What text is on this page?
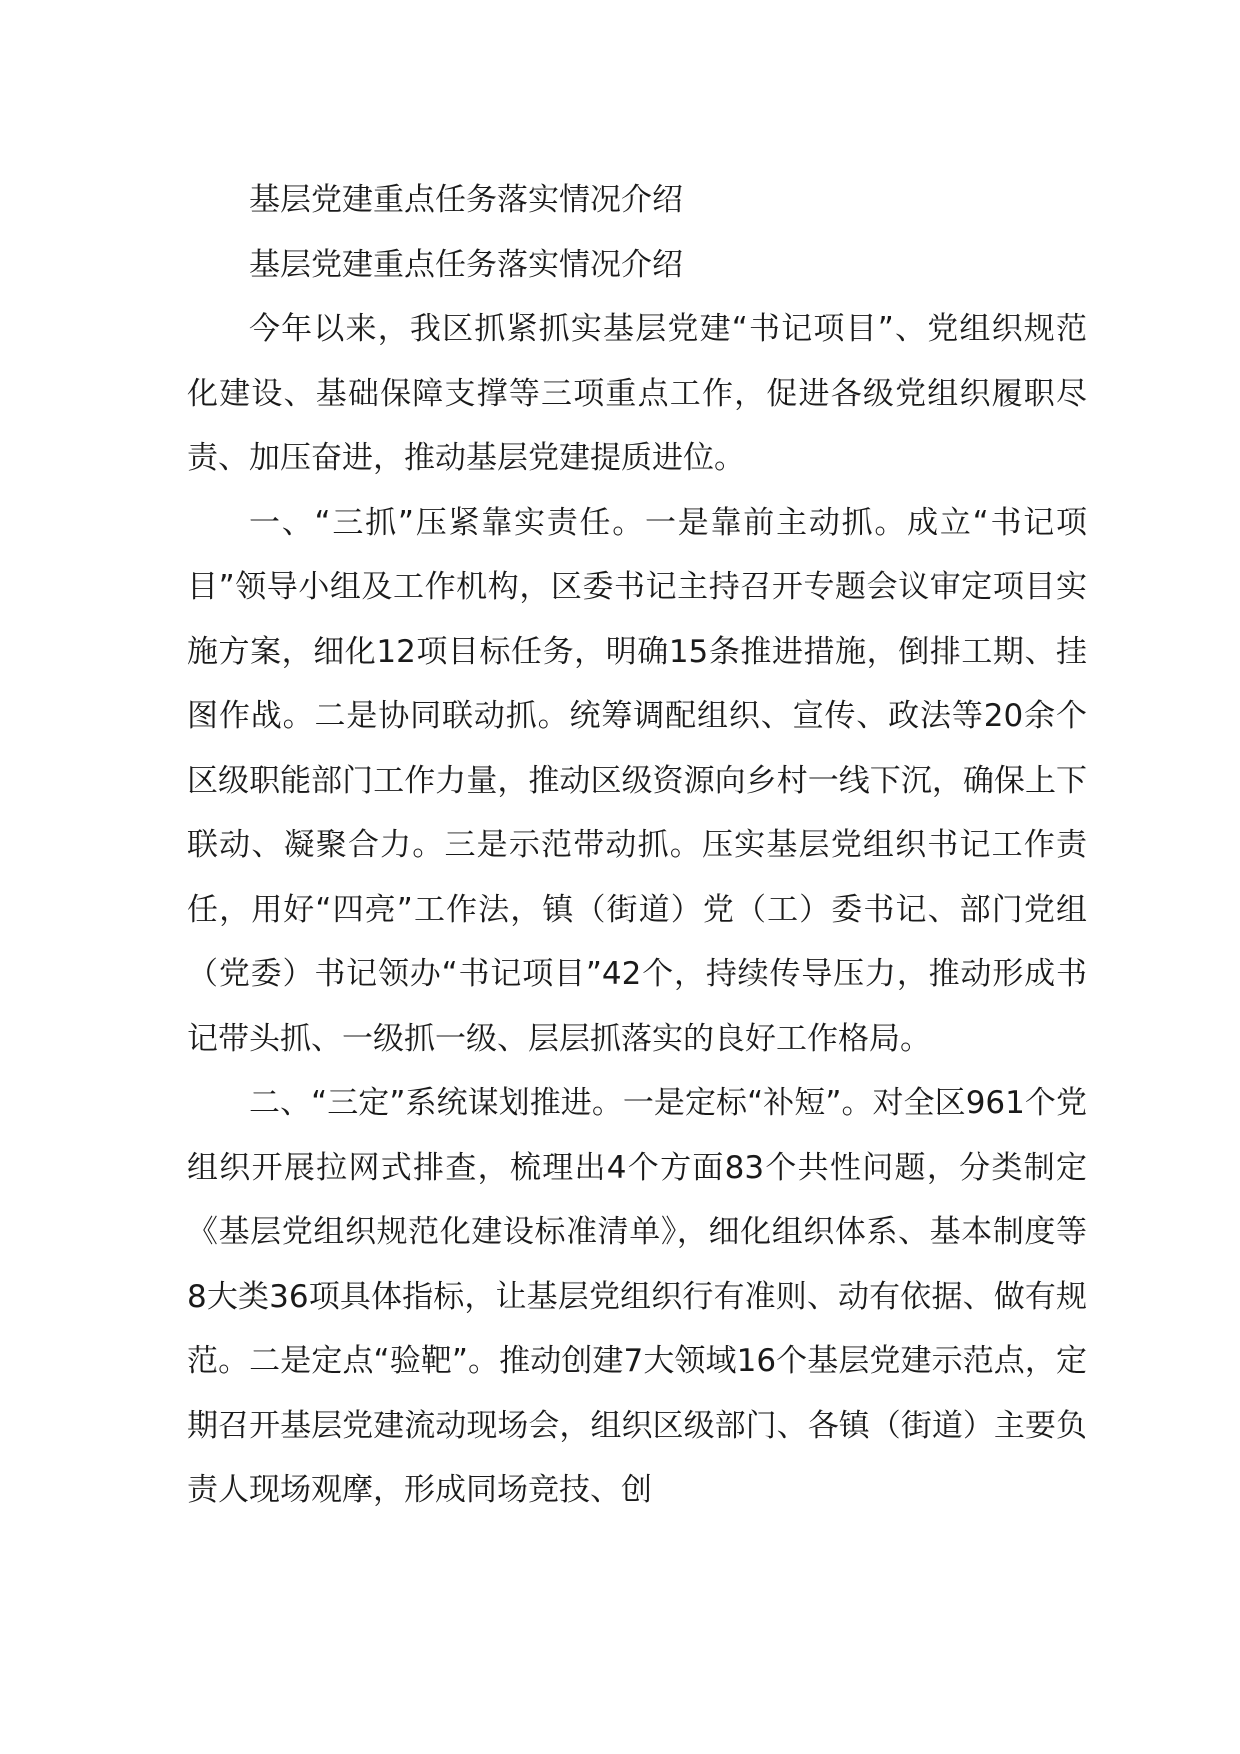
基层党建重点任务落实情况介绍

基层党建重点任务落实情况介绍

今年以来，我区抓紧抓实基层党建“书记项目”、党组织规范化建设、基础保障支撑等三项重点工作，促进各级党组织履职尽责、加压奋进，推动基层党建提质进位。

一、“三抓”压紧靠实责任。一是靠前主动抓。成立“书记项目”领导小组及工作机构，区委书记主持召开专题会议审定项目实施方案，细化12项目标任务，明确15条推进措施，倒排工期、挂图作战。二是协同联动抓。统筹调配组织、宣传、政法等20余个区级职能部门工作力量，推动区级资源向乡村一线下沉，确保上下联动、凝聚合力。三是示范带动抓。压实基层党组织书记工作责任，用好“四亮”工作法，镇（街道）党（工）委书记、部门党组（党委）书记领办“书记项目”42个，持续传导压力，推动形成书记带头抓、一级抓一级、层层抓落实的良好工作格局。

二、“三定”系统谋划推进。一是定标“补短”。对全区961个党组织开展拉网式排查，梳理出4个方面83个共性问题，分类制定《基层党组织规范化建设标准清单》，细化组织体系、基本制度等8大类36项具体指标，让基层党组织行有准则、动有依据、做有规范。二是定点“验靶”。推动创建7大领域16个基层党建示范点，定期召开基层党建流动现场会，组织区级部门、各镇（街道）主要负责人现场观摩，形成同场竞技、创
